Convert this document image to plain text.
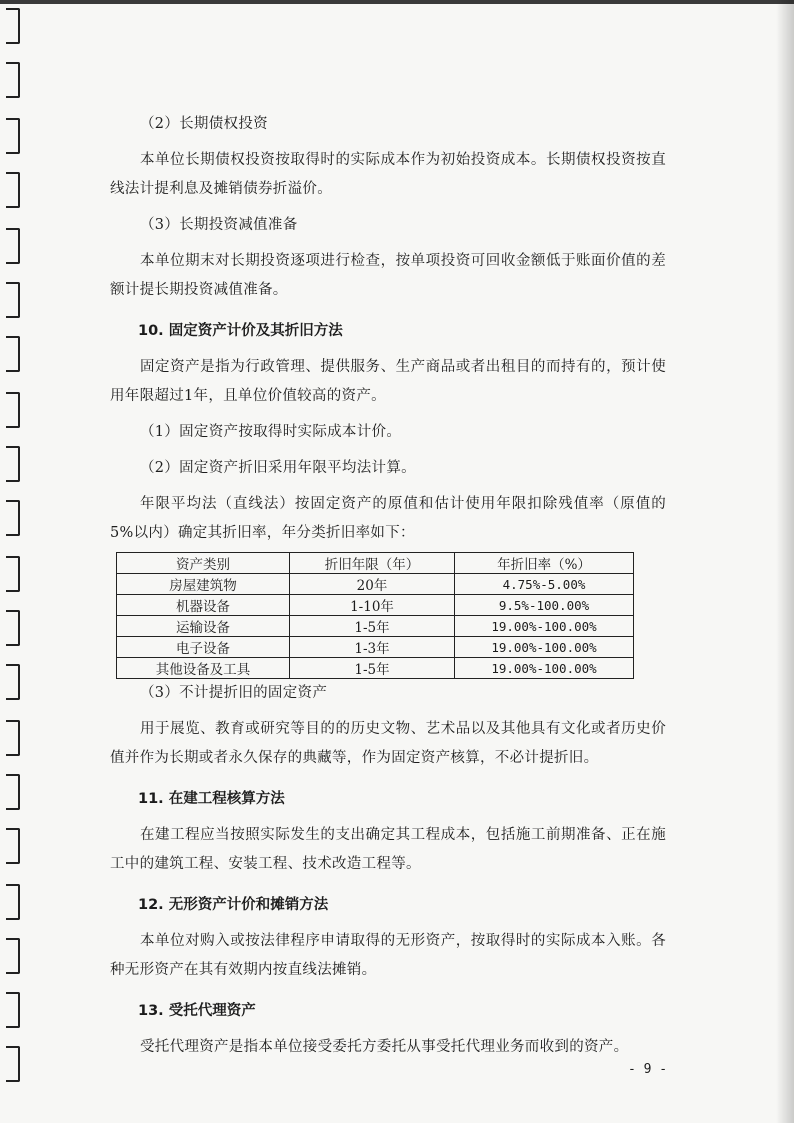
（2）长期债权投资

本单位长期债权投资按取得时的实际成本作为初始投资成本。长期债权投资按直线法计提利息及摊销债券折溢价。

（3）长期投资减值准备

本单位期末对长期投资逐项进行检查，按单项投资可回收金额低于账面价值的差额计提长期投资减值准备。

10. 固定资产计价及其折旧方法

固定资产是指为行政管理、提供服务、生产商品或者出租目的而持有的，预计使用年限超过1年，且单位价值较高的资产。

（1）固定资产按取得时实际成本计价。

（2）固定资产折旧采用年限平均法计算。

年限平均法（直线法）按固定资产的原值和估计使用年限扣除残值率（原值的5%以内）确定其折旧率，年分类折旧率如下：

资产类别	折旧年限（年）	年折旧率（%）
房屋建筑物	20年	4.75%-5.00%
机器设备	1-10年	9.5%-100.00%
运输设备	1-5年	19.00%-100.00%
电子设备	1-3年	19.00%-100.00%
其他设备及工具	1-5年	19.00%-100.00%

（3）不计提折旧的固定资产

用于展览、教育或研究等目的的历史文物、艺术品以及其他具有文化或者历史价值并作为长期或者永久保存的典藏等，作为固定资产核算，不必计提折旧。

11. 在建工程核算方法

在建工程应当按照实际发生的支出确定其工程成本，包括施工前期准备、正在施工中的建筑工程、安装工程、技术改造工程等。

12. 无形资产计价和摊销方法

本单位对购入或按法律程序申请取得的无形资产，按取得时的实际成本入账。各种无形资产在其有效期内按直线法摊销。

13. 受托代理资产

受托代理资产是指本单位接受委托方委托从事受托代理业务而收到的资产。

- 9 -
